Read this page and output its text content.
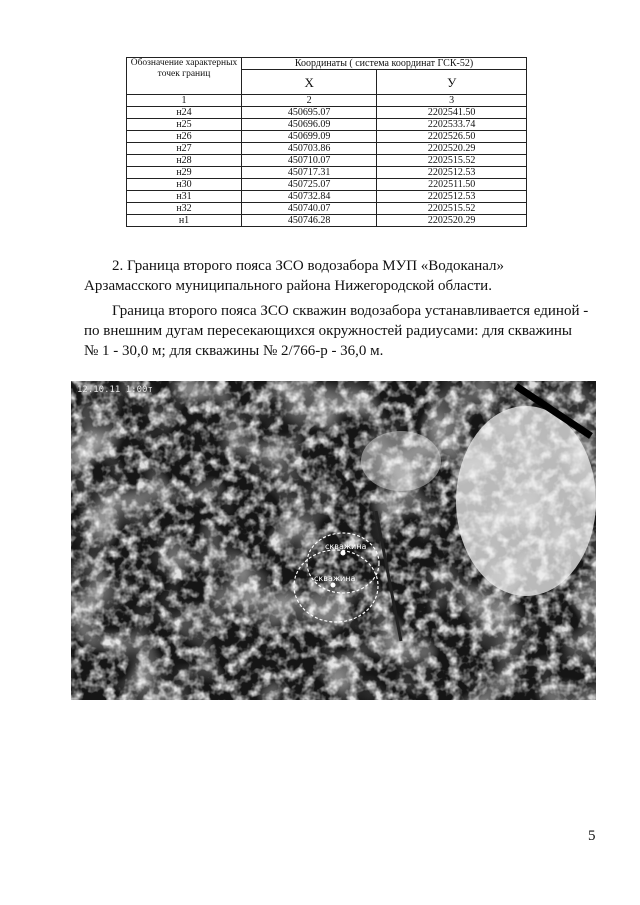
Обозначение характерных точек границ	Координаты ( система координат ГСК-52)	
	X	У
1	2	3
н24	450695.07	2202541.50
н25	450696.09	2202533.74
н26	450699.09	2202526.50
н27	450703.86	2202520.29
н28	450710.07	2202515.52
н29	450717.31	2202512.53
н30	450725.07	2202511.50
н31	450732.84	2202512.53
н32	450740.07	2202515.52
н1	450746.28	2202520.29
2. Граница второго пояса ЗСО водозабора МУП «Водоканал»
Арзамасского муниципального района Нижегородской области.
Граница второго пояса ЗСО скважин водозабора устанавливается единой -
по внешним дугам пересекающихся окружностей радиусами: для скважины
№ 1 - 30,0 м; для скважины № 2/766-р - 36,0 м.
скважина
скважина
12.10.11 1:00т
5
